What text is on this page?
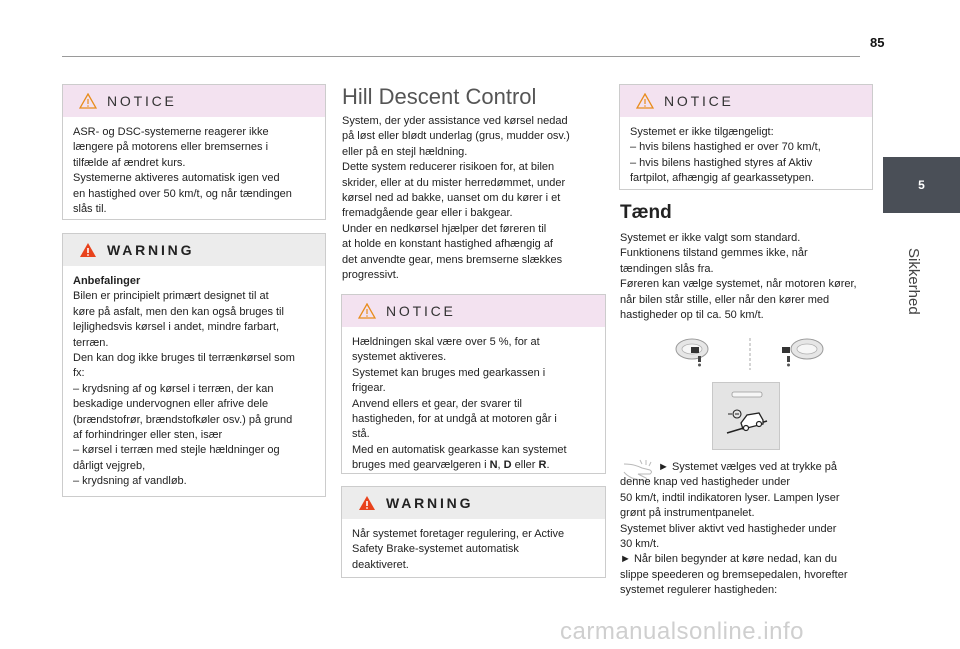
85
5
Sikkerhed
NOTICE

ASR- og DSC-systemerne reagerer ikke
længere på motorens eller bremsernes i
tilfælde af ændret kurs.
Systemerne aktiveres automatisk igen ved
en hastighed over 50 km/t, og når tændingen
slås til.

WARNING

Anbefalinger

Bilen er principielt primært designet til at
køre på asfalt, men den kan også bruges til
lejlighedsvis kørsel i andet, mindre farbart,
terræn.
Den kan dog ikke bruges til terrænkørsel som
fx:
– krydsning af og kørsel i terræn, der kan
beskadige undervognen eller afrive dele
(brændstofrør, brændstofkøler osv.) på grund
af forhindringer eller sten, især
– kørsel i terræn med stejle hældninger og
dårligt vejgreb,
– krydsning af vandløb.

Hill Descent Control
System, der yder assistance ved kørsel nedad
på løst eller blødt underlag (grus, mudder osv.)
eller på en stejl hældning.
Dette system reducerer risikoen for, at bilen
skrider, eller at du mister herredømmet, under
kørsel ned ad bakke, uanset om du kører i et
fremadgående gear eller i bakgear.
Under en nedkørsel hjælper det føreren til
at holde en konstant hastighed afhængig af
det anvendte gear, mens bremserne slækkes
progressivt.
NOTICE

Hældningen skal være over 5 %, for at
systemet aktiveres.
Systemet kan bruges med gearkassen i
frigear.
Anvend ellers et gear, der svarer til
hastigheden, for at undgå at motoren går i
stå.
Med en automatisk gearkasse kan systemet
bruges med gearvælgeren i N, D eller R.

WARNING

Når systemet foretager regulering, er Active
Safety Brake-systemet automatisk
deaktiveret.

NOTICE

Systemet er ikke tilgængeligt:
– hvis bilens hastighed er over 70 km/t,
– hvis bilens hastighed styres af Aktiv
fartpilot, afhængig af gearkassetypen.

Tænd
Systemet er ikke valgt som standard.
Funktionens tilstand gemmes ikke, når
tændingen slås fra.
Føreren kan vælge systemet, når motoren kører,
når bilen står stille, eller når den kører med
hastigheder op til ca. 50 km/t.
► Systemet vælges ved at trykke på
denne knap ved hastigheder under
50 km/t, indtil indikatoren lyser. Lampen lyser
grønt på instrumentpanelet.
Systemet bliver aktivt ved hastigheder under
30 km/t.
► Når bilen begynder at køre nedad, kan du
slippe speederen og bremsepedalen, hvorefter
systemet regulerer hastigheden:
carmanualsonline.info
